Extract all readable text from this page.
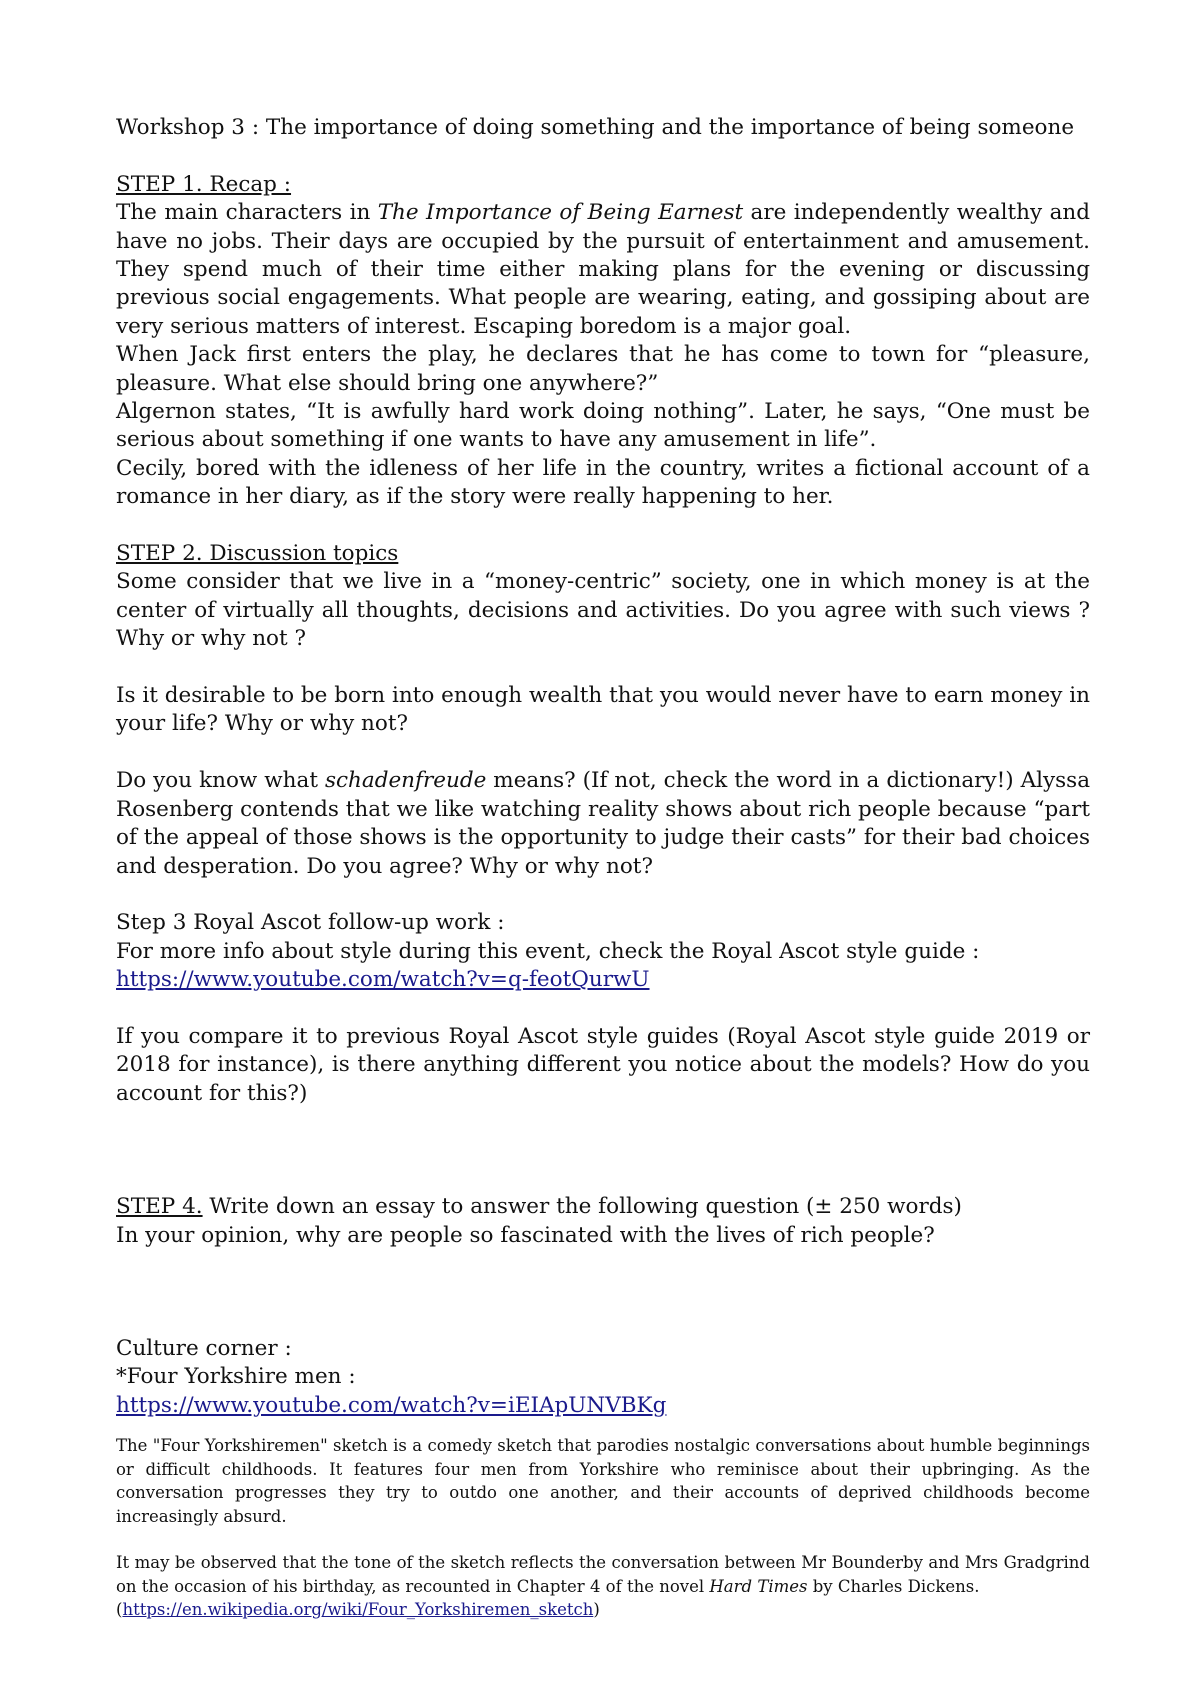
Workshop 3 : The importance of doing something and the importance of being someone

STEP 1. Recap :

The main characters in The Importance of Being Earnest are independently wealthy and have no jobs. Their days are occupied by the pursuit of entertainment and amusement. They spend much of their time either making plans for the evening or discussing previous social engagements. What people are wearing, eating, and gossiping about are very serious matters of interest. Escaping boredom is a major goal.

When Jack first enters the play, he declares that he has come to town for “pleasure, pleasure. What else should bring one anywhere?”

Algernon states, “It is awfully hard work doing nothing”. Later, he says, “One must be serious about something if one wants to have any amusement in life”.

Cecily, bored with the idleness of her life in the country, writes a fictional account of a romance in her diary, as if the story were really happening to her.

STEP 2. Discussion topics

Some consider that we live in a “money-centric” society, one in which money is at the center of virtually all thoughts, decisions and activities. Do you agree with such views ? Why or why not ?

Is it desirable to be born into enough wealth that you would never have to earn money in your life? Why or why not?

Do you know what schadenfreude means? (If not, check the word in a dictionary!) Alyssa Rosenberg contends that we like watching reality shows about rich people because “part of the appeal of those shows is the opportunity to judge their casts” for their bad choices and desperation. Do you agree? Why or why not?

Step 3 Royal Ascot follow-up work :

For more info about style during this event, check the Royal Ascot style guide :

https://www.youtube.com/watch?v=q-feotQurwU

If you compare it to previous Royal Ascot style guides (Royal Ascot style guide 2019 or 2018 for instance), is there anything different you notice about the models? How do you account for this?)

STEP 4. Write down an essay to answer the following question (± 250 words)

In your opinion, why are people so fascinated with the lives of rich people?

Culture corner :

*Four Yorkshire men :

https://www.youtube.com/watch?v=iEIApUNVBKg

The "Four Yorkshiremen" sketch is a comedy sketch that parodies nostalgic conversations about humble beginnings or difficult childhoods. It features four men from Yorkshire who reminisce about their upbringing. As the conversation progresses they try to outdo one another, and their accounts of deprived childhoods become increasingly absurd.

It may be observed that the tone of the sketch reflects the conversation between Mr Bounderby and Mrs Gradgrind on the occasion of his birthday, as recounted in Chapter 4 of the novel Hard Times by Charles Dickens.

(https://en.wikipedia.org/wiki/Four_Yorkshiremen_sketch)
